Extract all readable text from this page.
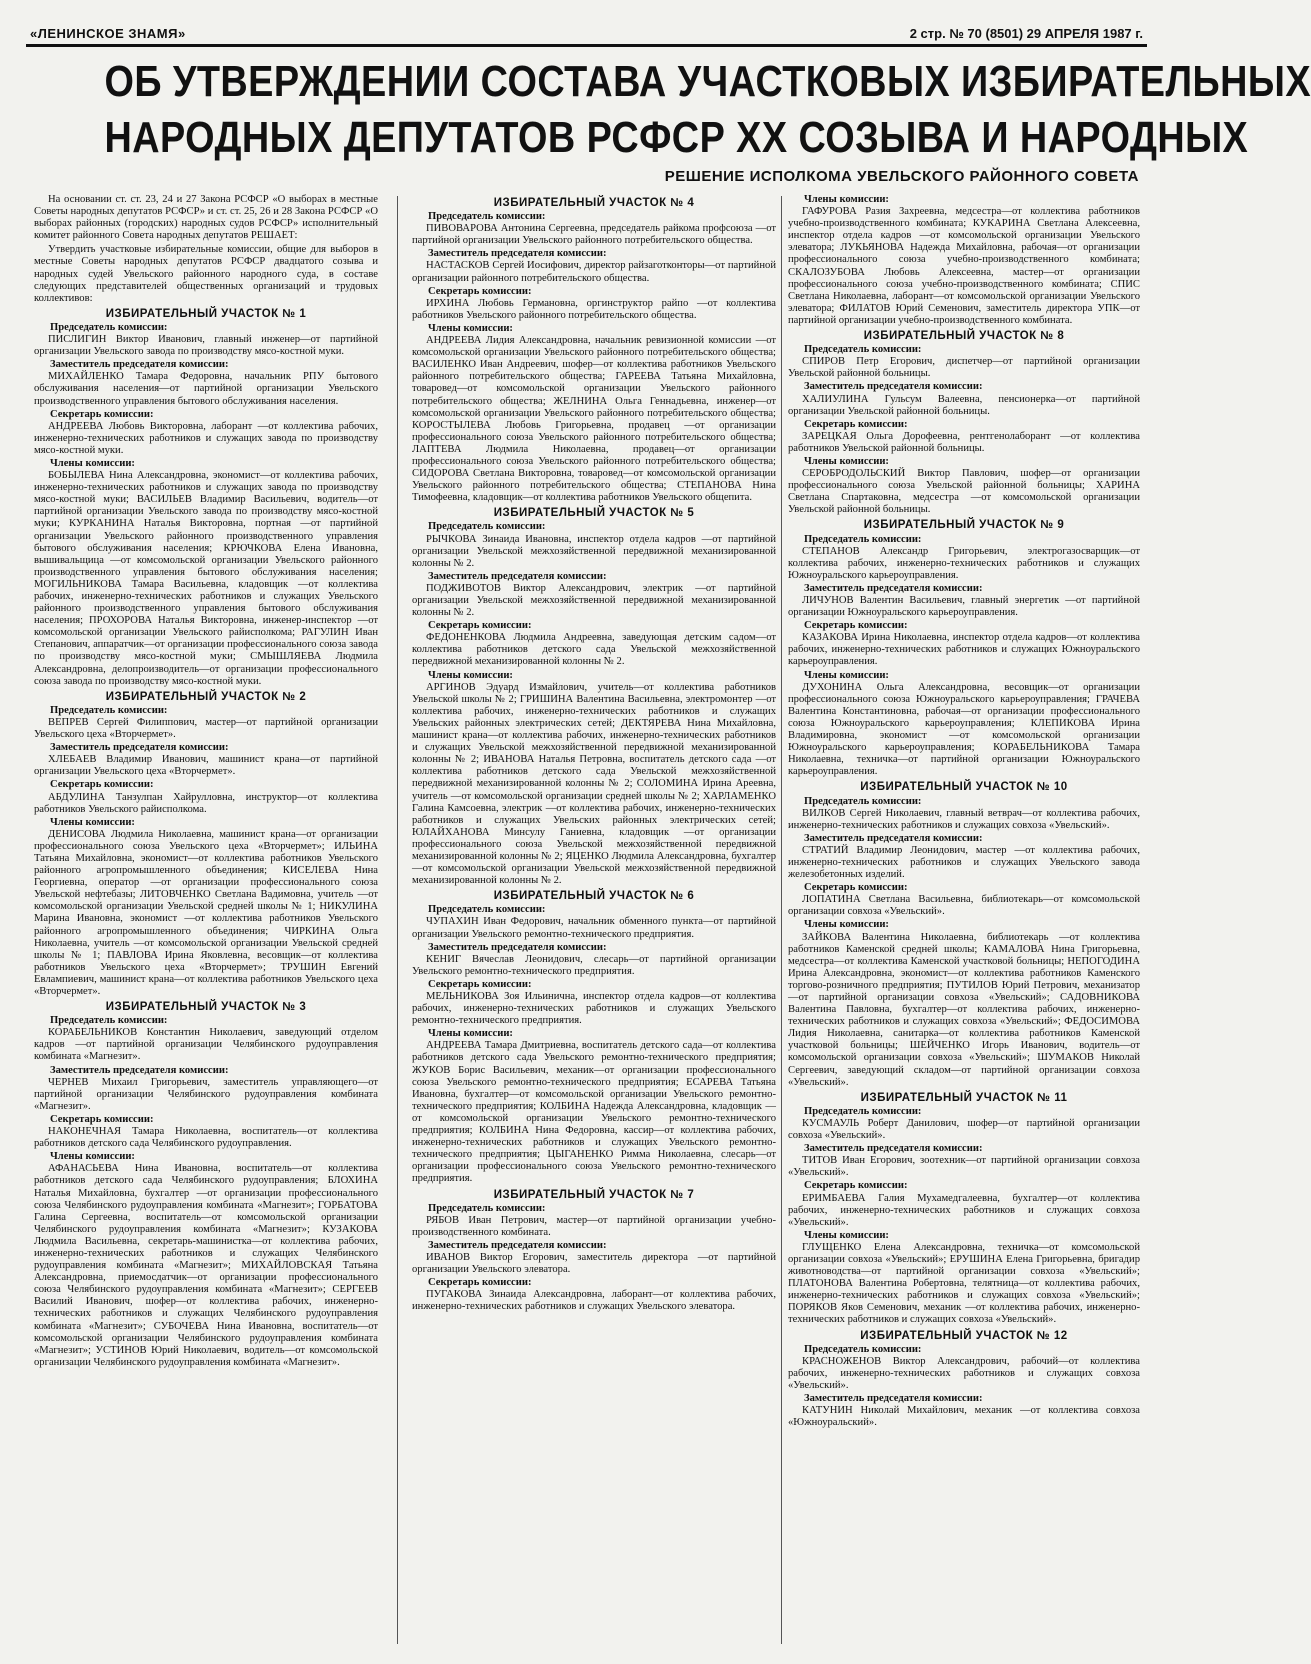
«ЛЕНИНСКОЕ ЗНАМЯ»	2 стр. № 70 (8501) 29 АПРЕЛЯ 1987 г.
ОБ УТВЕРЖДЕНИИ СОСТАВА УЧАСТКОВЫХ ИЗБИРАТЕЛЬНЫХ
НАРОДНЫХ ДЕПУТАТОВ РСФСР ХХ СОЗЫВА И НАРОДНЫХ
РЕШЕНИЕ ИСПОЛКОМА УВЕЛЬСКОГО РАЙОННОГО СОВЕТА

На основании ст. ст. 23, 24 и 27 Закона РСФСР «О выборах в местные Советы народных депутатов РСФСР» и ст. ст. 25, 26 и 28 Закона РСФСР «О выборах районных (городских) народных судов РСФСР» исполнительный комитет районного Совета народных депутатов РЕШАЕТ:

Утвердить участковые избирательные комиссии, общие для выборов в местные Советы народных депутатов РСФСР двадцатого созыва и народных судей Увельского районного народного суда, в составе следующих представителей общественных организаций и трудовых коллективов:

ИЗБИРАТЕЛЬНЫЙ УЧАСТОК № 1
Председатель комиссии:

ПИСЛИГИН Виктор Иванович, главный инженер—от партийной организации Увельского завода по производству мясо-костной муки.

Заместитель председателя комиссии:

МИХАЙЛЕНКО Тамара Федоровна, начальник РПУ бытового обслуживания населения—от партийной организации Увельского производственного управления бытового обслуживания населения.

Секретарь комиссии:

АНДРЕЕВА Любовь Викторовна, лаборант —от коллектива рабочих, инженерно-технических работников и служащих завода по производству мясо-костной муки.

Члены комиссии:

БОБЫЛЕВА Нина Александровна, экономист—от коллектива рабочих, инженерно-технических работников и служащих завода по производству мясо-костной муки; ВАСИЛЬЕВ Владимир Васильевич, водитель—от партийной организации Увельского завода по производству мясо-костной муки; КУРКАНИНА Наталья Викторовна, портная —от партийной организации Увельского районного производственного управления бытового обслуживания населения; КРЮЧКОВА Елена Ивановна, вышивальщица —от комсомольской организации Увельского районного производственного управления бытового обслуживания населения; МОГИЛЬНИКОВА Тамара Васильевна, кладовщик —от коллектива рабочих, инженерно-технических работников и служащих Увельского районного производственного управления бытового обслуживания населения; ПРОХОРОВА Наталья Викторовна, инженер-инспектор —от комсомольской организации Увельского райисполкома; РАГУЛИН Иван Степанович, аппаратчик—от организации профессионального союза завода по производству мясо-костной муки; СМЫШЛЯЕВА Людмила Александровна, делопроизводитель—от организации профессионального союза завода по производству мясо-костной муки.

ИЗБИРАТЕЛЬНЫЙ УЧАСТОК № 2
Председатель комиссии:

ВЕПРЕВ Сергей Филиппович, мастер—от партийной организации Увельского цеха «Вторчермет».

Заместитель председателя комиссии:

ХЛЕБАЕВ Владимир Иванович, машинист крана—от партийной организации Увельского цеха «Вторчермет».

Секретарь комиссии:

АБДУЛИНА Танзулпан Хайрулловна, инструктор—от коллектива работников Увельского райисполкома.

Члены комиссии:

ДЕНИСОВА Людмила Николаевна, машинист крана—от организации профессионального союза Увельского цеха «Вторчермет»; ИЛЬИНА Татьяна Михайловна, экономист—от коллектива работников Увельского районного агропромышленного объединения; КИСЕЛЕВА Нина Георгиевна, оператор —от организации профессионального союза Увельской нефтебазы; ЛИТОВЧЕНКО Светлана Вадимовна, учитель —от комсомольской организации Увельской средней школы № 1; НИКУЛИНА Марина Ивановна, экономист —от коллектива работников Увельского районного агропромышленного объединения; ЧИРКИНА Ольга Николаевна, учитель —от комсомольской организации Увельской средней школы № 1; ПАВЛОВА Ирина Яковлевна, весовщик—от коллектива работников Увельского цеха «Вторчермет»; ТРУШИН Евгений Евлампиевич, машинист крана—от коллектива работников Увельского цеха «Вторчермет».

ИЗБИРАТЕЛЬНЫЙ УЧАСТОК № 3
Председатель комиссии:

КОРАБЕЛЬНИКОВ Константин Николаевич, заведующий отделом кадров —от партийной организации Челябинского рудоуправления комбината «Магнезит».

Заместитель председателя комиссии:

ЧЕРНЕВ Михаил Григорьевич, заместитель управляющего—от партийной организации Челябинского рудоуправления комбината «Магнезит».

Секретарь комиссии:

НАКОНЕЧНАЯ Тамара Николаевна, воспитатель—от коллектива работников детского сада Челябинского рудоуправления.

Члены комиссии:

АФАНАСЬЕВА Нина Ивановна, воспитатель—от коллектива работников детского сада Челябинского рудоуправления; БЛОХИНА Наталья Михайловна, бухгалтер —от организации профессионального союза Челябинского рудоуправления комбината «Магнезит»; ГОРБАТОВА Галина Сергеевна, воспитатель—от комсомольской организации Челябинского рудоуправления комбината «Магнезит»; КУЗАКОВА Людмила Васильевна, секретарь-машинистка—от коллектива рабочих, инженерно-технических работников и служащих Челябинского рудоуправления комбината «Магнезит»; МИХАЙЛОВСКАЯ Татьяна Александровна, приемосдатчик—от организации профессионального союза Челябинского рудоуправления комбината «Магнезит»; СЕРГЕЕВ Василий Иванович, шофер—от коллектива рабочих, инженерно-технических работников и служащих Челябинского рудоуправления комбината «Магнезит»; СУБОЧЕВА Нина Ивановна, воспитатель—от комсомольской организации Челябинского рудоуправления комбината «Магнезит»; УСТИНОВ Юрий Николаевич, водитель—от комсомольской организации Челябинского рудоуправления комбината «Магнезит».

ИЗБИРАТЕЛЬНЫЙ УЧАСТОК № 4
Председатель комиссии:

ПИВОВАРОВА Антонина Сергеевна, председатель райкома профсоюза —от партийной организации Увельского районного потребительского общества.

Заместитель председателя комиссии:

НАСТАСКОВ Сергей Иосифович, директор райзаготконторы—от партийной организации районного потребительского общества.

Секретарь комиссии:

ИРХИНА Любовь Германовна, оргинструктор райпо —от коллектива работников Увельского районного потребительского общества.

Члены комиссии:

АНДРЕЕВА Лидия Александровна, начальник ревизионной комиссии —от комсомольской организации Увельского районного потребительского общества; ВАСИЛЕНКО Иван Андреевич, шофер—от коллектива работников Увельского районного потребительского общества; ГАРЕЕВА Татьяна Михайловна, товаровед—от комсомольской организации Увельского районного потребительского общества; ЖЕЛНИНА Ольга Геннадьевна, инженер—от комсомольской организации Увельского районного потребительского общества; КОРОСТЫЛЕВА Любовь Григорьевна, продавец —от организации профессионального союза Увельского районного потребительского общества; ЛАПТЕВА Людмила Николаевна, продавец—от организации профессионального союза Увельского районного потребительского общества; СИДОРОВА Светлана Викторовна, товаровед—от комсомольской организации Увельского районного потребительского общества; СТЕПАНОВА Нина Тимофеевна, кладовщик—от коллектива работников Увельского общепита.

ИЗБИРАТЕЛЬНЫЙ УЧАСТОК № 5
Председатель комиссии:

РЫЧКОВА Зинаида Ивановна, инспектор отдела кадров —от партийной организации Увельской межхозяйственной передвижной механизированной колонны № 2.

Заместитель председателя комиссии:

ПОДЖИВОТОВ Виктор Александрович, электрик —от партийной организации Увельской межхозяйственной передвижной механизированной колонны № 2.

Секретарь комиссии:

ФЕДОНЕНКОВА Людмила Андреевна, заведующая детским садом—от коллектива работников детского сада Увельской межхозяйственной передвижной механизированной колонны № 2.

Члены комиссии:

АРГИНОВ Эдуард Измайлович, учитель—от коллектива работников Увельской школы № 2; ГРИШИНА Валентина Васильевна, электромонтер —от коллектива рабочих, инженерно-технических работников и служащих Увельских районных электрических сетей; ДЕКТЯРЕВА Нина Михайловна, машинист крана—от коллектива рабочих, инженерно-технических работников и служащих Увельской межхозяйственной передвижной механизированной колонны № 2; ИВАНОВА Наталья Петровна, воспитатель детского сада —от коллектива работников детского сада Увельской межхозяйственной передвижной механизированной колонны № 2; СОЛОМИНА Ирина Ареевна, учитель —от комсомольской организации средней школы № 2; ХАРЛАМЕНКО Галина Камсоевна, электрик —от коллектива рабочих, инженерно-технических работников и служащих Увельских районных электрических сетей; ЮЛАЙХАНОВА Минсулу Ганиевна, кладовщик —от организации профессионального союза Увельской межхозяйственной передвижной механизированной колонны № 2; ЯЦЕНКО Людмила Александровна, бухгалтер—от комсомольской организации Увельской межхозяйственной передвижной механизированной колонны № 2.

ИЗБИРАТЕЛЬНЫЙ УЧАСТОК № 6
Председатель комиссии:

ЧУПАХИН Иван Федорович, начальник обменного пункта—от партийной организации Увельского ремонтно-технического предприятия.

Заместитель председателя комиссии:

КЕНИГ Вячеслав Леонидович, слесарь—от партийной организации Увельского ремонтно-технического предприятия.

Секретарь комиссии:

МЕЛЬНИКОВА Зоя Ильинична, инспектор отдела кадров—от коллектива рабочих, инженерно-технических работников и служащих Увельского ремонтно-технического предприятия.

Члены комиссии:

АНДРЕЕВА Тамара Дмитриевна, воспитатель детского сада—от коллектива работников детского сада Увельского ремонтно-технического предприятия; ЖУКОВ Борис Васильевич, механик—от организации профессионального союза Увельского ремонтно-технического предприятия; ЕСАРЕВА Татьяна Ивановна, бухгалтер—от комсомольской организации Увельского ремонтно-технического предприятия; КОЛБИНА Надежда Александровна, кладовщик —от комсомольской организации Увельского ремонтно-технического предприятия; КОЛБИНА Нина Федоровна, кассир—от коллектива рабочих, инженерно-технических работников и служащих Увельского ремонтно-технического предприятия; ЦЫГАНЕНКО Римма Николаевна, слесарь—от организации профессионального союза Увельского ремонтно-технического предприятия.

ИЗБИРАТЕЛЬНЫЙ УЧАСТОК № 7
Председатель комиссии:

РЯБОВ Иван Петрович, мастер—от партийной организации учебно-производственного комбината.

Заместитель председателя комиссии:

ИВАНОВ Виктор Егорович, заместитель директора —от партийной организации Увельского элеватора.

Секретарь комиссии:

ПУГАКОВА Зинаида Александровна, лаборант—от коллектива рабочих, инженерно-технических работников и служащих Увельского элеватора.

Члены комиссии:

ГАФУРОВА Разия Захреевна, медсестра—от коллектива работников учебно-производственного комбината; КУКАРИНА Светлана Алексеевна, инспектор отдела кадров —от комсомольской организации Увельского элеватора; ЛУКЬЯНОВА Надежда Михайловна, рабочая—от организации профессионального союза учебно-производственного комбината; СКАЛОЗУБОВА Любовь Алексеевна, мастер—от организации профессионального союза учебно-производственного комбината; СПИС Светлана Николаевна, лаборант—от комсомольской организации Увельского элеватора; ФИЛАТОВ Юрий Семенович, заместитель директора УПК—от партийной организации учебно-производственного комбината.

ИЗБИРАТЕЛЬНЫЙ УЧАСТОК № 8
Председатель комиссии:

СПИРОВ Петр Егорович, диспетчер—от партийной организации Увельской районной больницы.

Заместитель председателя комиссии:

ХАЛИУЛИНА Гульсум Валеевна, пенсионерка—от партийной организации Увельской районной больницы.

Секретарь комиссии:

ЗАРЕЦКАЯ Ольга Дорофеевна, рентгенолаборант —от коллектива работников Увельской районной больницы.

Члены комиссии:

СЕРОБРОДОЛЬСКИЙ Виктор Павлович, шофер—от организации профессионального союза Увельской районной больницы; ХАРИНА Светлана Спартаковна, медсестра —от комсомольской организации Увельской районной больницы.

ИЗБИРАТЕЛЬНЫЙ УЧАСТОК № 9
Председатель комиссии:

СТЕПАНОВ Александр Григорьевич, электрогазосварщик—от коллектива рабочих, инженерно-технических работников и служащих Южноуральского карьероуправления.

Заместитель председателя комиссии:

ЛИЧУНОВ Валентин Васильевич, главный энергетик —от партийной организации Южноуральского карьероуправления.

Секретарь комиссии:

КАЗАКОВА Ирина Николаевна, инспектор отдела кадров—от коллектива рабочих, инженерно-технических работников и служащих Южноуральского карьероуправления.

Члены комиссии:

ДУХОНИНА Ольга Александровна, весовщик—от организации профессионального союза Южноуральского карьероуправления; ГРАЧЕВА Валентина Константиновна, рабочая—от организации профессионального союза Южноуральского карьероуправления; КЛЕПИКОВА Ирина Владимировна, экономист —от комсомольской организации Южноуральского карьероуправления; КОРАБЕЛЬНИКОВА Тамара Николаевна, техничка—от партийной организации Южноуральского карьероуправления.

ИЗБИРАТЕЛЬНЫЙ УЧАСТОК № 10
Председатель комиссии:

ВИЛКОВ Сергей Николаевич, главный ветврач—от коллектива рабочих, инженерно-технических работников и служащих совхоза «Увельский».

Заместитель председателя комиссии:

СТРАТИЙ Владимир Леонидович, мастер —от коллектива рабочих, инженерно-технических работников и служащих Увельского завода железобетонных изделий.

Секретарь комиссии:

ЛОПАТИНА Светлана Васильевна, библиотекарь—от комсомольской организации совхоза «Увельский».

Члены комиссии:

ЗАЙКОВА Валентина Николаевна, библиотекарь —от коллектива работников Каменской средней школы; КАМАЛОВА Нина Григорьевна, медсестра—от коллектива Каменской участковой больницы; НЕПОГОДИНА Ирина Александровна, экономист—от коллектива работников Каменского торгово-розничного предприятия; ПУТИЛОВ Юрий Петрович, механизатор—от партийной организации совхоза «Увельский»; САДОВНИКОВА Валентина Павловна, бухгалтер—от коллектива рабочих, инженерно-технических работников и служащих совхоза «Увельский»; ФЕДОСИМОВА Лидия Николаевна, санитарка—от коллектива работников Каменской участковой больницы; ШЕЙЧЕНКО Игорь Иванович, водитель—от комсомольской организации совхоза «Увельский»; ШУМАКОВ Николай Сергеевич, заведующий складом—от партийной организации совхоза «Увельский».

ИЗБИРАТЕЛЬНЫЙ УЧАСТОК № 11
Председатель комиссии:

КУСМАУЛЬ Роберт Данилович, шофер—от партийной организации совхоза «Увельский».

Заместитель председателя комиссии:

ТИТОВ Иван Егорович, зоотехник—от партийной организации совхоза «Увельский».

Секретарь комиссии:

ЕРИМБАЕВА Галия Мухамедгалеевна, бухгалтер—от коллектива рабочих, инженерно-технических работников и служащих совхоза «Увельский».

Члены комиссии:

ГЛУЩЕНКО Елена Александровна, техничка—от комсомольской организации совхоза «Увельский»; ЕРУШИНА Елена Григорьевна, бригадир животноводства—от партийной организации совхоза «Увельский»; ПЛАТОНОВА Валентина Робертовна, телятница—от коллектива рабочих, инженерно-технических работников и служащих совхоза «Увельский»; ПОРЯКОВ Яков Семенович, механик —от коллектива рабочих, инженерно-технических работников и служащих совхоза «Увельский».

ИЗБИРАТЕЛЬНЫЙ УЧАСТОК № 12
Председатель комиссии:

КРАСНОЖЕНОВ Виктор Александрович, рабочий—от коллектива рабочих, инженерно-технических работников и служащих совхоза «Увельский».

Заместитель председателя комиссии:

КАТУНИН Николай Михайлович, механик —от коллектива совхоза «Южноуральский».
